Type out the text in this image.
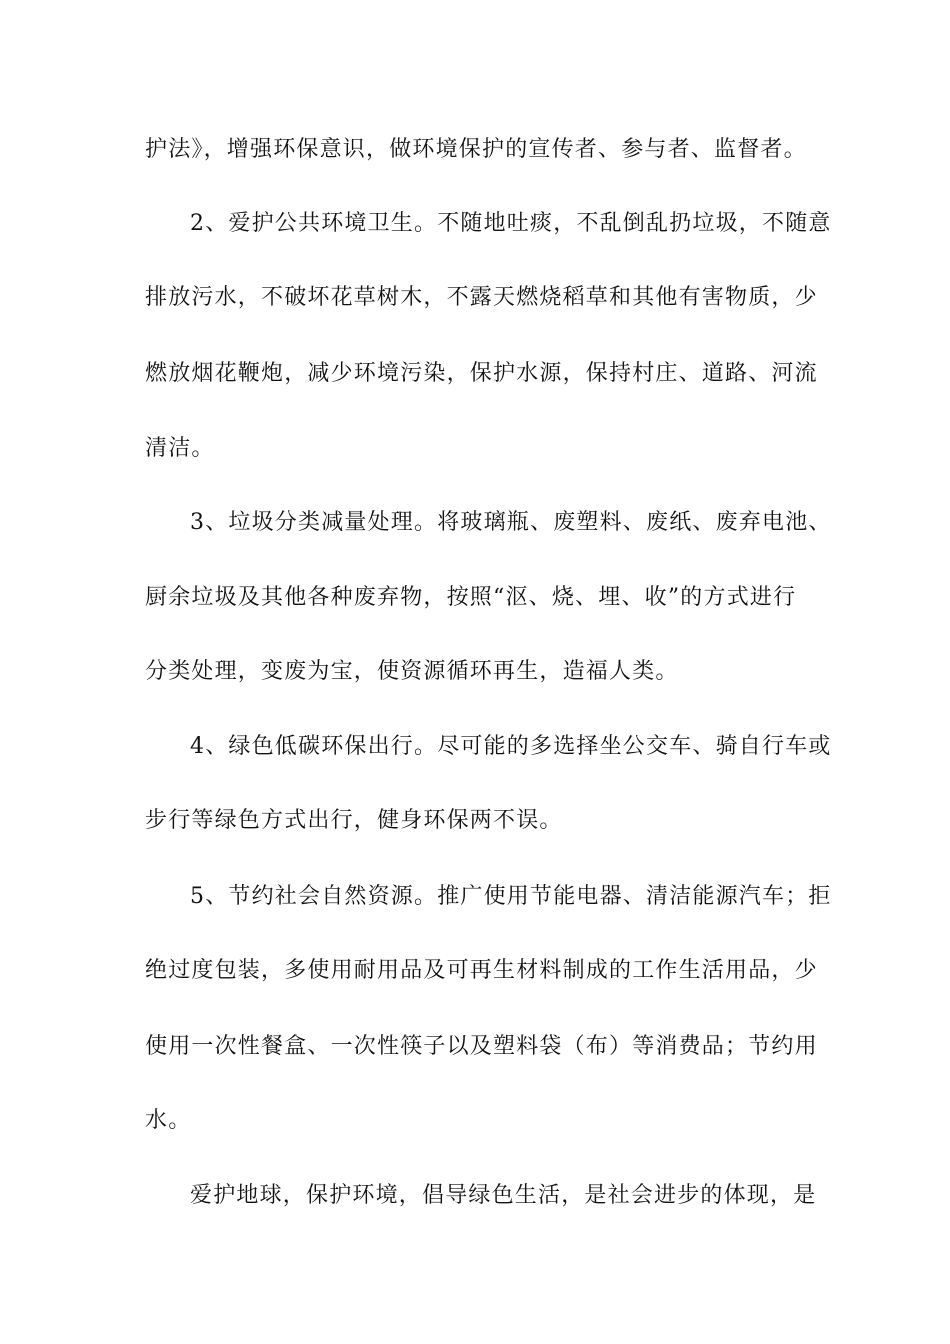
护法》，增强环保意识，做环境保护的宣传者、参与者、监督者。
2、爱护公共环境卫生。不随地吐痰，不乱倒乱扔垃圾，不随意
排放污水，不破坏花草树木，不露天燃烧稻草和其他有害物质，少
燃放烟花鞭炮，减少环境污染，保护水源，保持村庄、道路、河流
清洁。
3、垃圾分类减量处理。将玻璃瓶、废塑料、废纸、废弃电池、
厨余垃圾及其他各种废弃物，按照“沤、烧、埋、收”的方式进行
分类处理，变废为宝，使资源循环再生，造福人类。
4、绿色低碳环保出行。尽可能的多选择坐公交车、骑自行车或
步行等绿色方式出行，健身环保两不误。
5、节约社会自然资源。推广使用节能电器、清洁能源汽车；拒
绝过度包装，多使用耐用品及可再生材料制成的工作生活用品，少
使用一次性餐盒、一次性筷子以及塑料袋（布）等消费品；节约用
水。
爱护地球，保护环境，倡导绿色生活，是社会进步的体现，是
